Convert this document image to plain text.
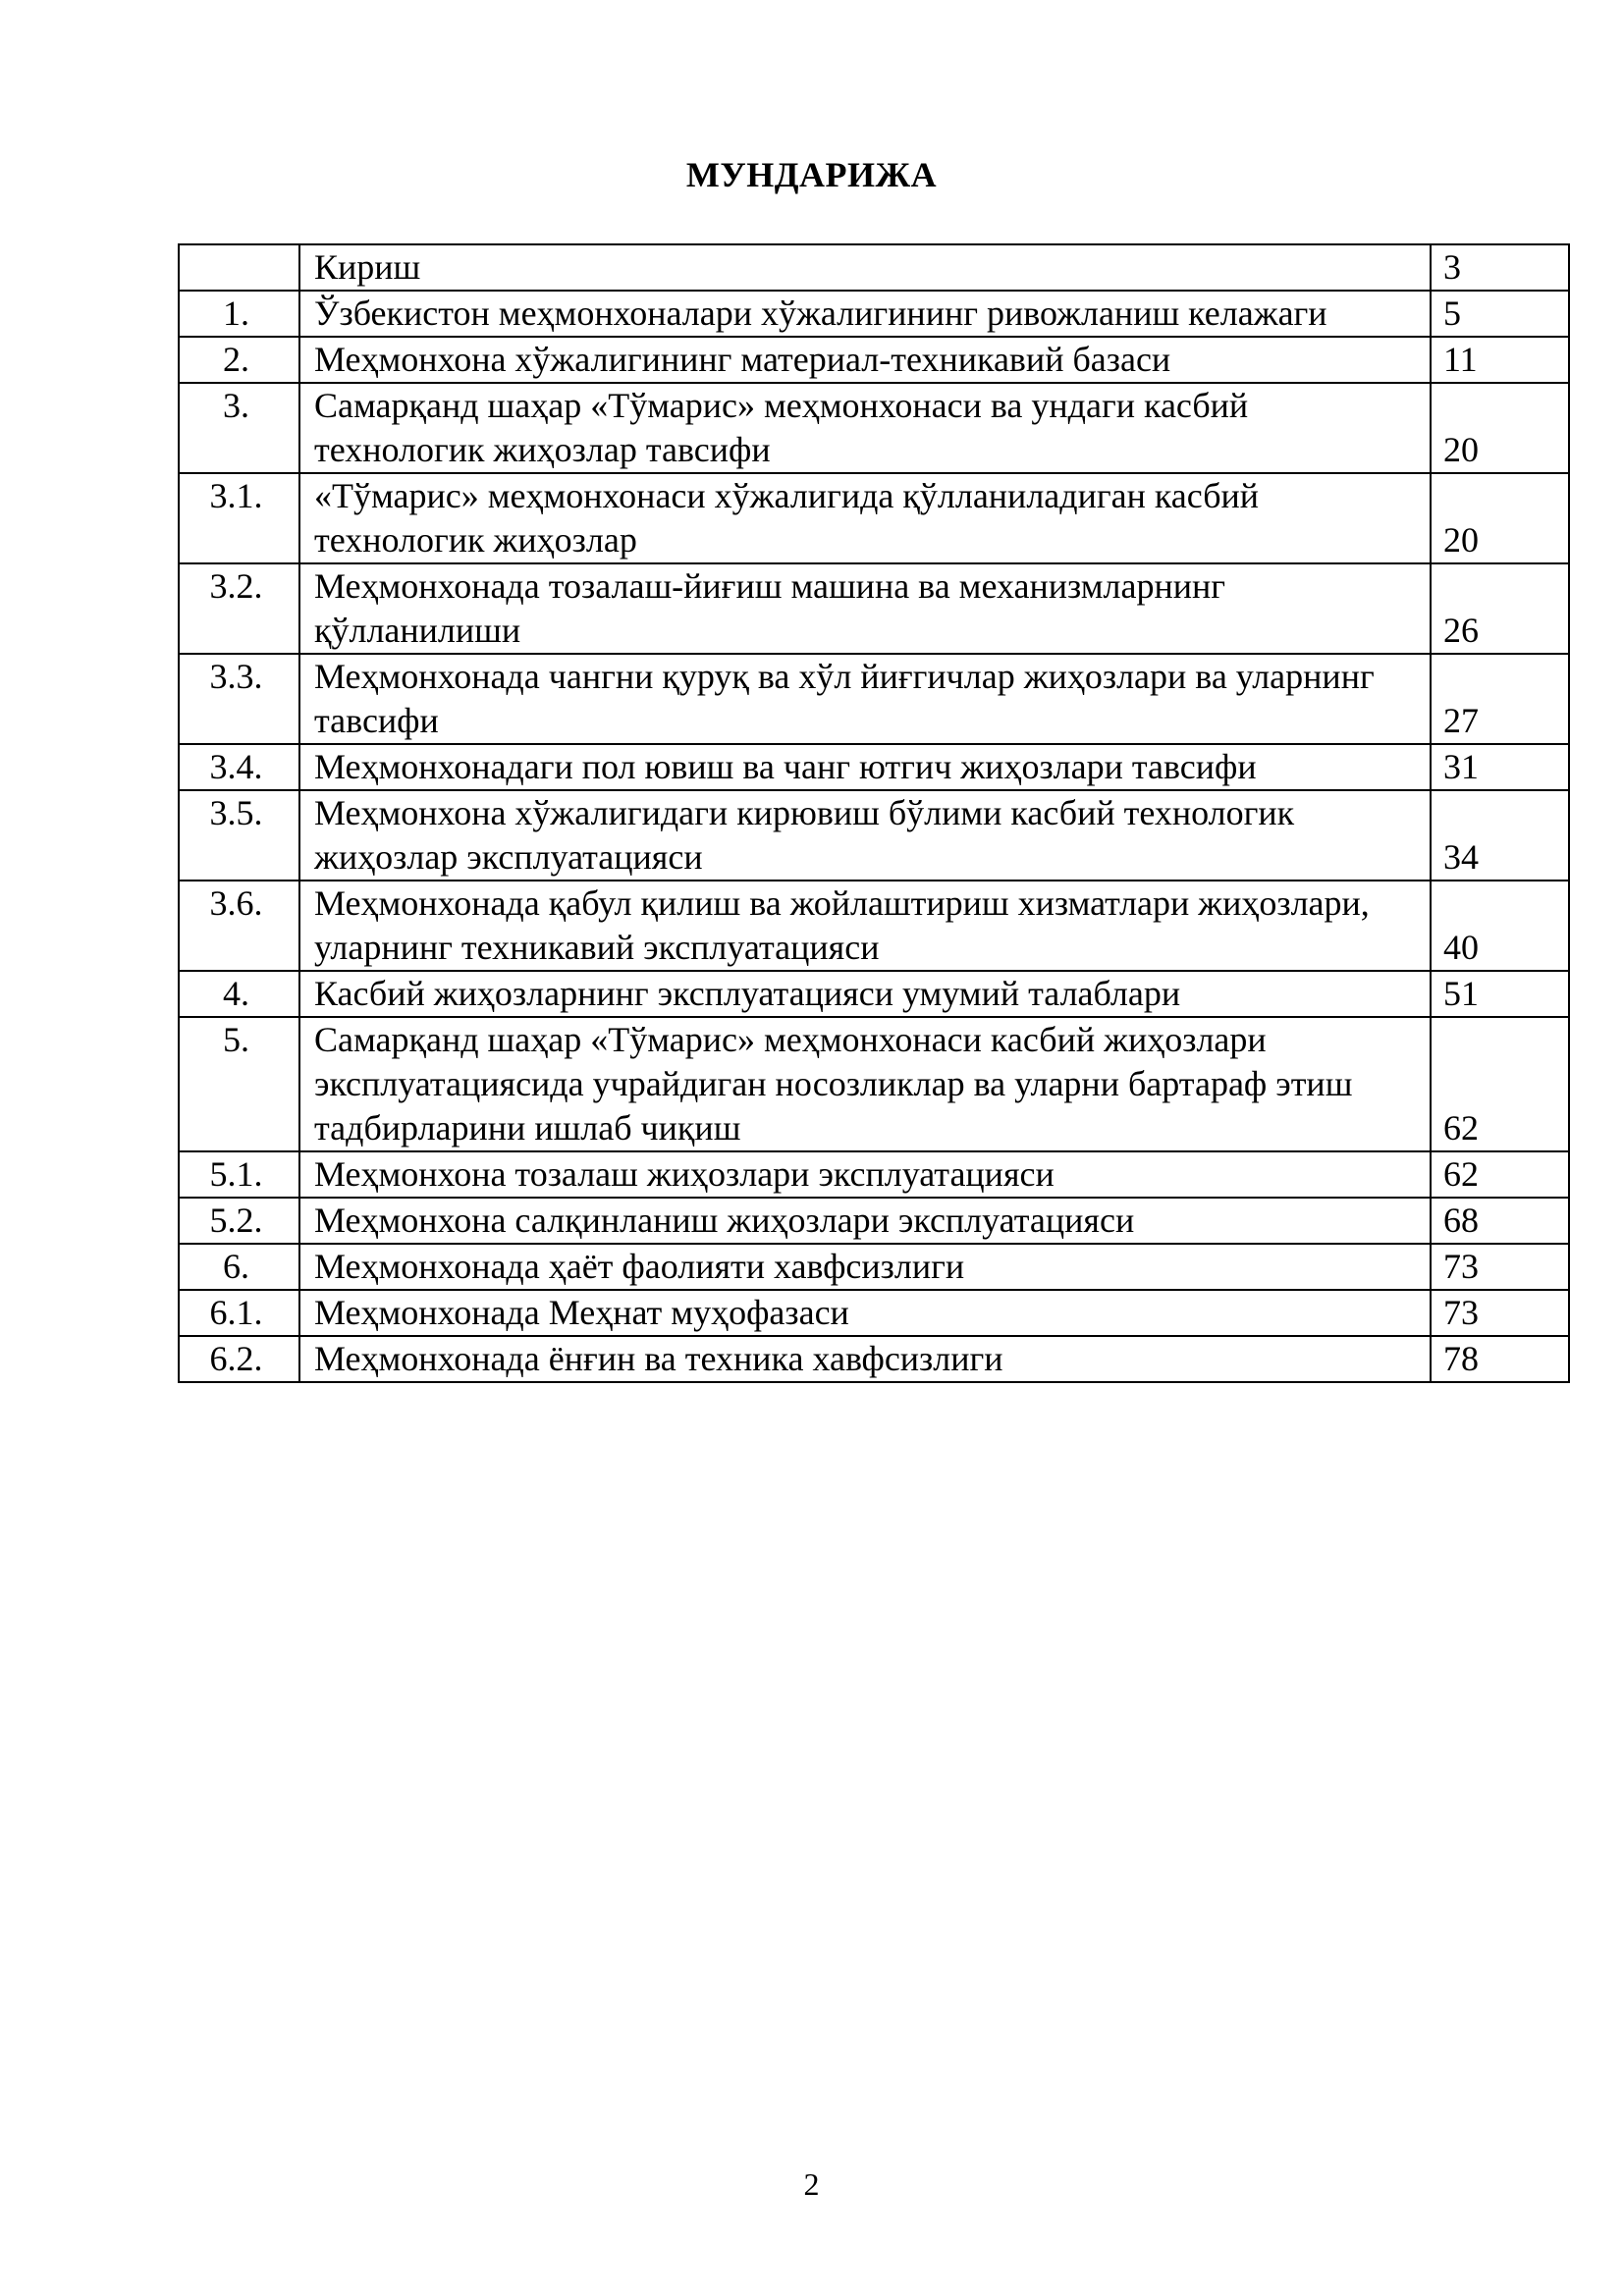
МУНДАРИЖА
	Кириш	3
1.	Ўзбекистон меҳмонхоналари хўжалигининг ривожланиш келажаги	5
2.	Меҳмонхона хўжалигининг материал-техникавий базаси	11
3.	Самарқанд шаҳар «Тўмарис» меҳмонхонаси ва ундаги касбий технологик жиҳозлар тавсифи	20
3.1.	«Тўмарис» меҳмонхонаси хўжалигида қўлланиладиган касбий технологик жиҳозлар	20
3.2.	Меҳмонхонада тозалаш-йиғиш машина ва механизмларнинг қўлланилиши	26
3.3.	Меҳмонхонада чангни қуруқ ва хўл йиғгичлар жиҳозлари ва уларнинг тавсифи	27
3.4.	Меҳмонхонадаги пол ювиш ва чанг ютгич жиҳозлари тавсифи	31
3.5.	Меҳмонхона хўжалигидаги кирювиш бўлими касбий технологик жиҳозлар эксплуатацияси	34
3.6.	Меҳмонхонада қабул қилиш ва жойлаштириш хизматлари жиҳозлари, уларнинг техникавий эксплуатацияси	40
4.	Касбий жиҳозларнинг эксплуатацияси умумий талаблари	51
5.	Самарқанд шаҳар «Тўмарис» меҳмонхонаси касбий жиҳозлари эксплуатациясида учрайдиган носозликлар ва уларни бартараф этиш тадбирларини ишлаб чиқиш	62
5.1.	Меҳмонхона тозалаш жиҳозлари эксплуатацияси	62
5.2.	Меҳмонхона салқинланиш жиҳозлари эксплуатацияси	68
6.	Меҳмонхонада ҳаёт фаолияти хавфсизлиги	73
6.1.	Меҳмонхонада Меҳнат муҳофазаси	73
6.2.	Меҳмонхонада ёнғин ва техника хавфсизлиги	78
2
